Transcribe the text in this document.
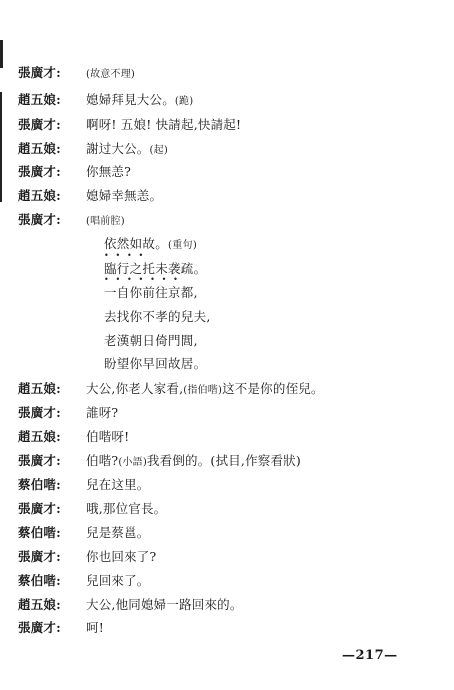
張廣才:	(故意不理)
趙五娘: 媳婦拜見大公。(跪)
張廣才: 啊呀! 五娘! 快請起,快請起!
趙五娘: 謝过大公。(起)
張廣才: 你無恙?
趙五娘: 媳婦幸無恙。
張廣才:	(唱前腔)
依然如故。(重句)
••••
臨行之托未袭疏。
•••••••
一自你前往京都,
去找你不孝的兒夫,
老漢朝日倚門閭,
盼望你早回故居。
趙五娘: 大公,你老人家看,(指伯喈)这不是你的侄兒。
張廣才: 誰呀?
趙五娘: 伯喈呀!
張廣才: 伯喈?(小語)我看倒的。(拭目,作察看狀)
蔡伯喈: 兒在这里。
張廣才: 哦,那位官長。
蔡伯喈: 兒是蔡邕。
張廣才: 你也回來了?
蔡伯喈: 兒回來了。
趙五娘: 大公,他同媳婦一路回來的。
張廣才: 呵!
—217—
